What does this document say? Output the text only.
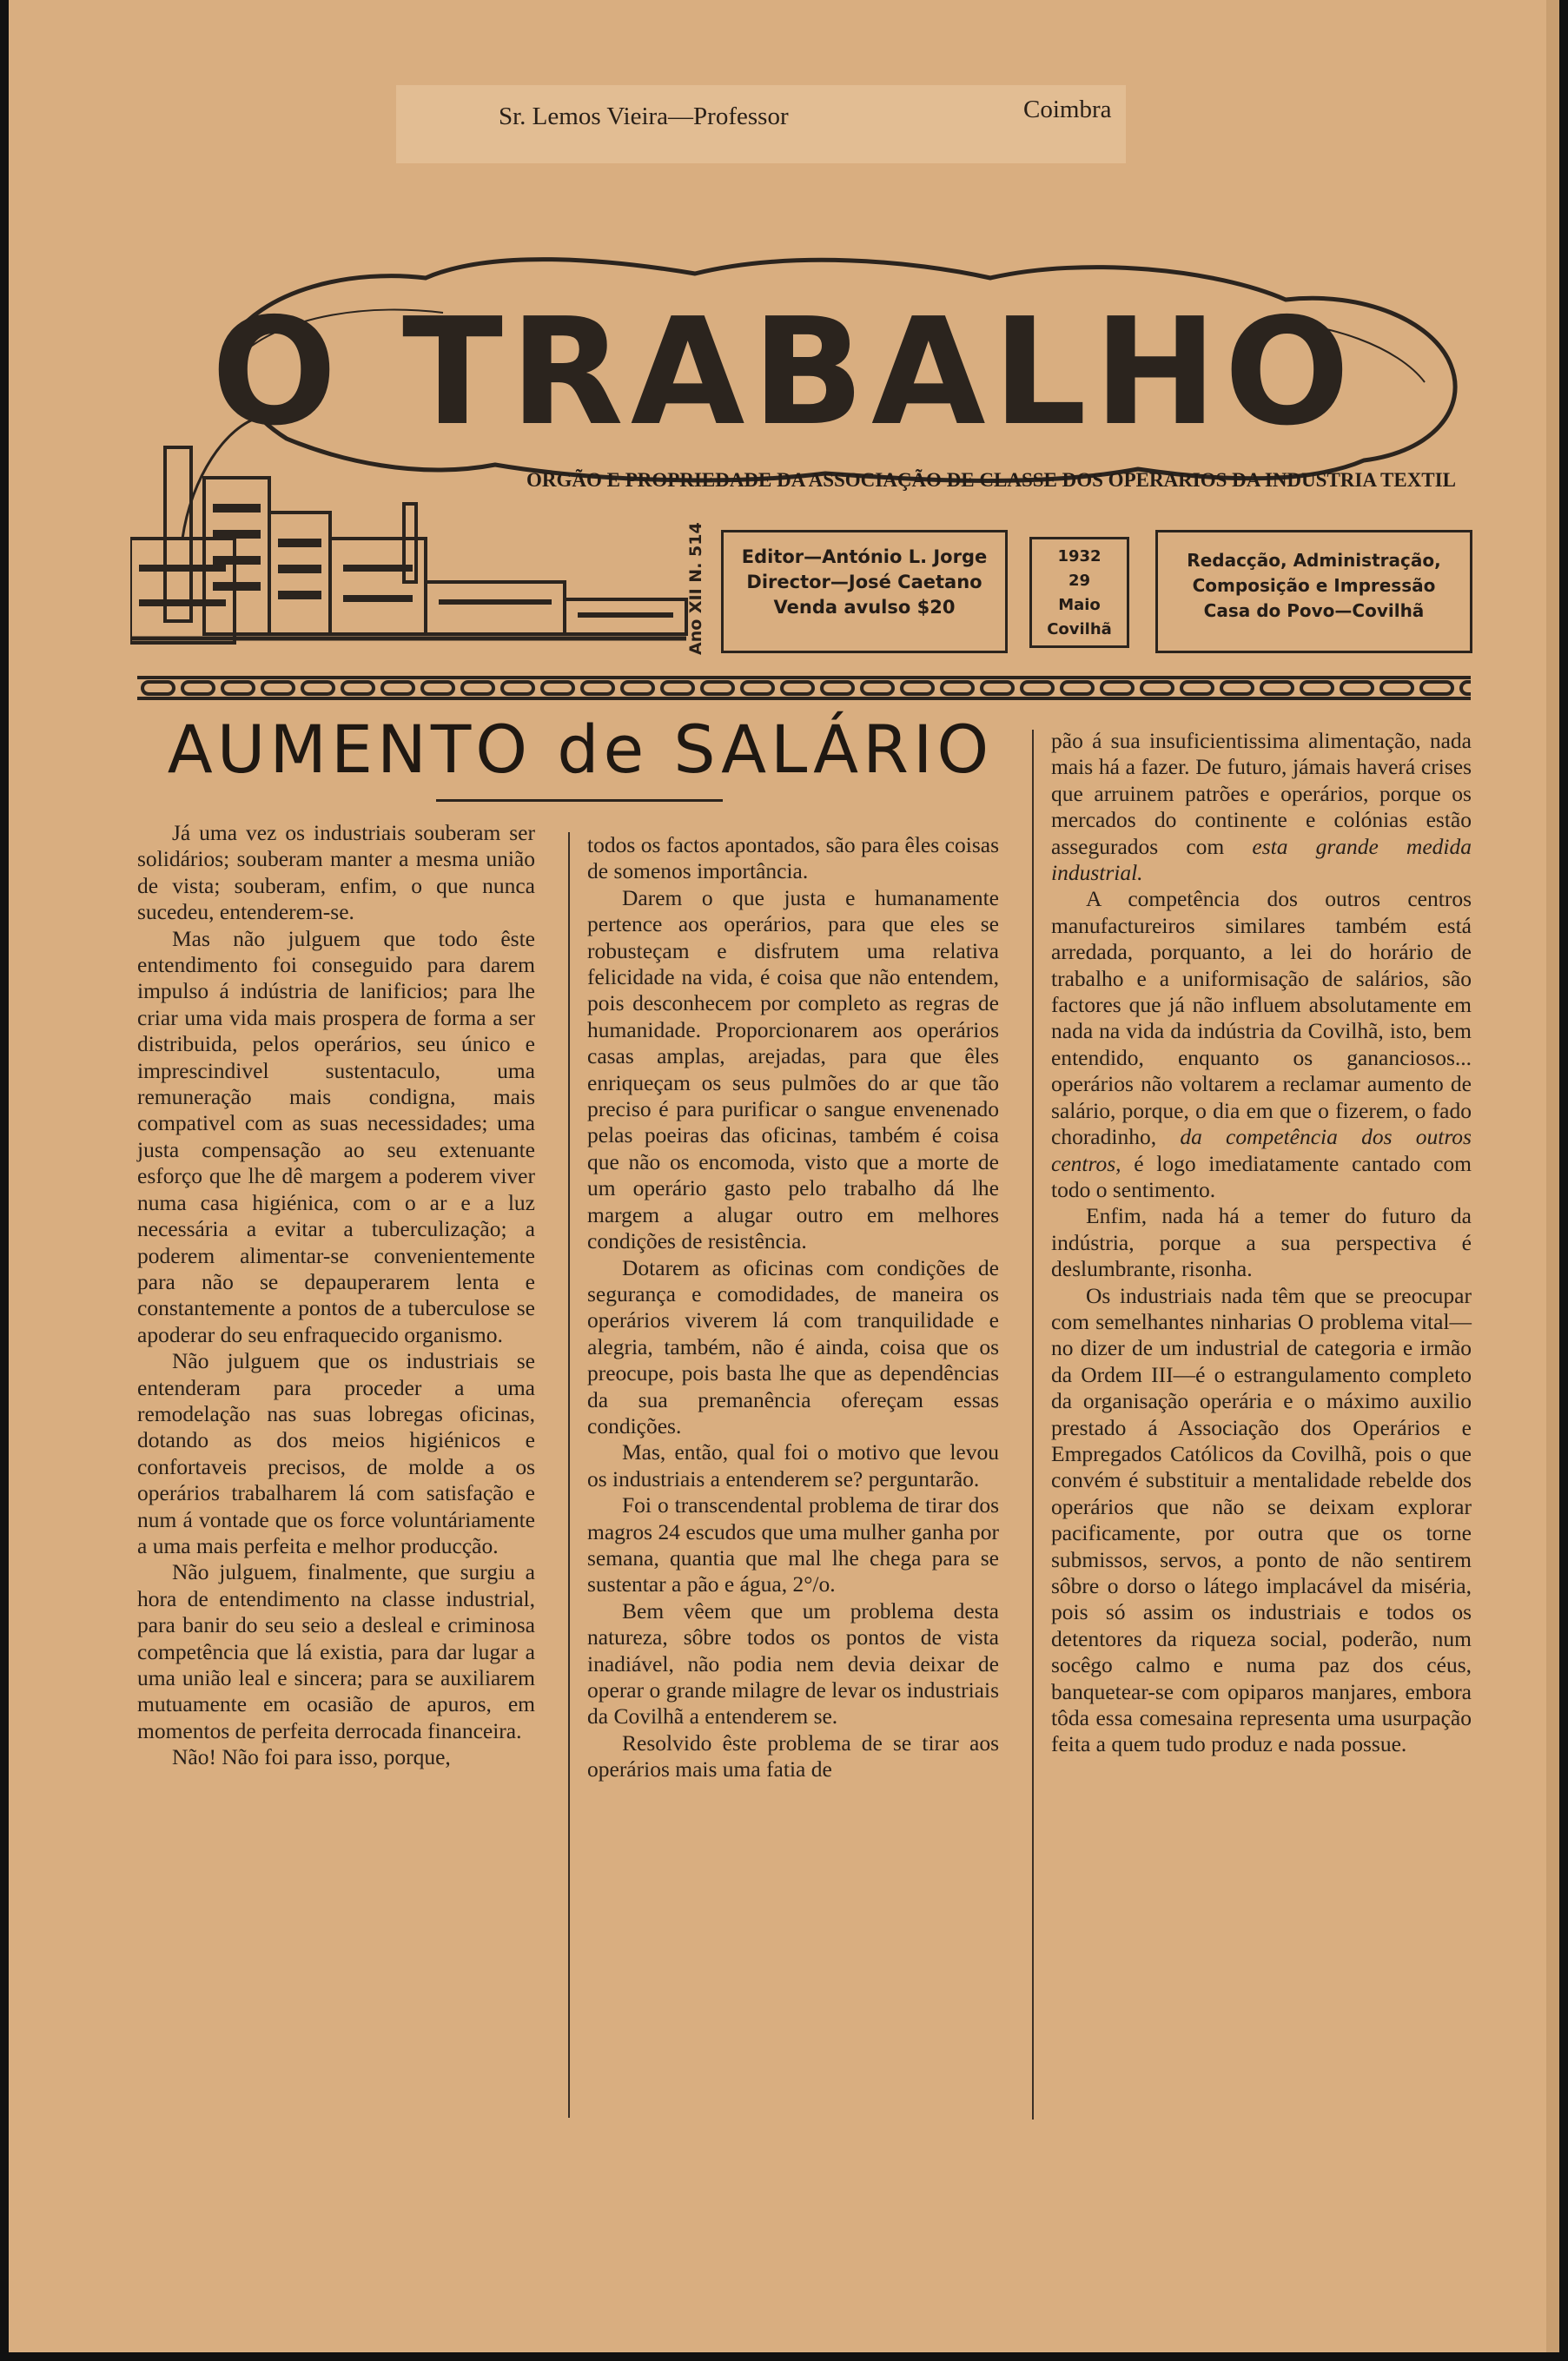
Sr. Lemos Vieira—Professor	Coimbra
O TRABALHO
ORGÃO E PROPRIEDADE DA ASSOCIAÇÃO DE CLASSE DOS OPERARIOS DA INDUSTRIA TEXTIL
Ano XII N. 514	Editor—António L. Jorge
Director—José Caetano
Venda avulso $20
1932
29
Maio
Covilhã
Redacção, Administração,
Composição e Impressão
Casa do Povo—Covilhã
AUMENTO de SALÁRIO

Já uma vez os industriais souberam ser solidários; souberam manter a mesma união de vista; souberam, enfim, o que nunca sucedeu, entenderem-se.

Mas não julguem que todo êste entendimento foi conseguido para darem impulso á indústria de lanificios; para lhe criar uma vida mais prospera de forma a ser distribuida, pelos operários, seu único e imprescindivel sustentaculo, uma remuneração mais condigna, mais compativel com as suas necessidades; uma justa compensação ao seu extenuante esforço que lhe dê margem a poderem viver numa casa higiénica, com o ar e a luz necessária a evitar a tuberculização; a poderem alimentar-se convenientemente para não se depauperarem lenta e constantemente a pontos de a tuberculose se apoderar do seu enfraquecido organismo.

Não julguem que os industriais se entenderam para proceder a uma remodelação nas suas lobregas oficinas, dotando as dos meios higiénicos e confortaveis precisos, de molde a os operários trabalharem lá com satisfação e num á vontade que os force voluntáriamente a uma mais perfeita e melhor producção.

Não julguem, finalmente, que surgiu a hora de entendimento na classe industrial, para banir do seu seio a desleal e criminosa competência que lá existia, para dar lugar a uma união leal e sincera; para se auxiliarem mutuamente em ocasião de apuros, em momentos de perfeita derrocada financeira.

Não! Não foi para isso, porque,

todos os factos apontados, são para êles coisas de somenos importância.

Darem o que justa e humanamente pertence aos operários, para que eles se robusteçam e disfrutem uma relativa felicidade na vida, é coisa que não entendem, pois desconhecem por completo as regras de humanidade. Proporcionarem aos operários casas amplas, arejadas, para que êles enriqueçam os seus pulmões do ar que tão preciso é para purificar o sangue envenenado pelas poeiras das oficinas, também é coisa que não os encomoda, visto que a morte de um operário gasto pelo trabalho dá lhe margem a alugar outro em melhores condições de resistência.

Dotarem as oficinas com condições de segurança e comodidades, de maneira os operários viverem lá com tranquilidade e alegria, também, não é ainda, coisa que os preocupe, pois basta lhe que as dependências da sua premanência ofereçam essas condições.

Mas, então, qual foi o motivo que levou os industriais a entenderem se? perguntarão.

Foi o transcendental problema de tirar dos magros 24 escudos que uma mulher ganha por semana, quantia que mal lhe chega para se sustentar a pão e água, 2°/o.

Bem vêem que um problema desta natureza, sôbre todos os pontos de vista inadiável, não podia nem devia deixar de operar o grande milagre de levar os industriais da Covilhã a entenderem se.

Resolvido êste problema de se tirar aos operários mais uma fatia de

pão á sua insuficientissima alimentação, nada mais há a fazer. De futuro, jámais haverá crises que arruinem patrões e operários, porque os mercados do continente e colónias estão assegurados com esta grande medida industrial.

A competência dos outros centros manufactureiros similares também está arredada, porquanto, a lei do horário de trabalho e a uniformisação de salários, são factores que já não influem absolutamente em nada na vida da indústria da Covilhã, isto, bem entendido, enquanto os gananciosos... operários não voltarem a reclamar aumento de salário, porque, o dia em que o fizerem, o fado choradinho, da competência dos outros centros, é logo imediatamente cantado com todo o sentimento.

Enfim, nada há a temer do futuro da indústria, porque a sua perspectiva é deslumbrante, risonha.

Os industriais nada têm que se preocupar com semelhantes ninharias O problema vital—no dizer de um industrial de categoria e irmão da Ordem III—é o estrangulamento completo da organisação operária e o máximo auxilio prestado á Associação dos Operários e Empregados Católicos da Covilhã, pois o que convém é substituir a mentalidade rebelde dos operários que não se deixam explorar pacificamente, por outra que os torne submissos, servos, a ponto de não sentirem sôbre o dorso o látego implacável da miséria, pois só assim os industriais e todos os detentores da riqueza social, poderão, num socêgo calmo e numa paz dos céus, banquetear-se com opiparos manjares, embora tôda essa comesaina representa uma usurpação feita a quem tudo produz e nada possue.
